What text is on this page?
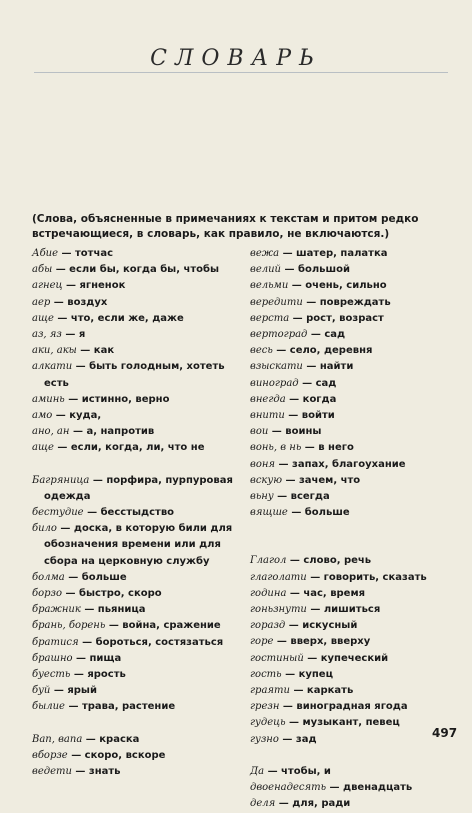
СЛОВАРЬ
(Слова, объясненные в примечаниях к текстам и притом редко встречающиеся, в словарь, как правило, не включаются.)
Абие — тотчас
абы — если бы, когда бы, чтобы
агнец — ягненок
аер — воздух
аще — что, если же, даже
аз, яз — я
аки, акы — как
алкати — быть голодным, хотеть есть
аминь — истинно, верно
амо — куда,
ано, ан — а, напротив
аще — если, когда, ли, что не
Багряница — порфира, пурпуровая одежда
бестудие — бесстыдство
било — доска, в которую били для обозначения времени или для сбора на церковную службу
болма — больше
борзо — быстро, скоро
бражник — пьяница
брань, борень — война, сражение
братися — бороться, состязаться
брашно — пища
буесть — ярость
буй — ярый
былие — трава, растение
Вап, вапа — краска
вборзе — скоро, вскоре
ведети — знать
вежа — шатер, палатка
велий — большой
вельми — очень, сильно
вередити — повреждать
верста — рост, возраст
вертоград — сад
весь — село, деревня
взыскати — найти
виноград — сад
внегда — когда
внити — войти
вои — воины
вонь, в нь — в него
воня — запах, благоухание
вскую — зачем, что
вьну — всегда
вящше — больше
Глагол — слово, речь
глаголати — говорить, сказать
година — час, время
гоньзнути — лишиться
горазд — искусный
горе — вверх, вверху
гостиный — купеческий
гость — купец
граяти — каркать
грезн — виноградная ягода
гудець — музыкант, певец
гузно — зад
Да — чтобы, и
двоенадесять — двенадцать
деля — для, ради
497
